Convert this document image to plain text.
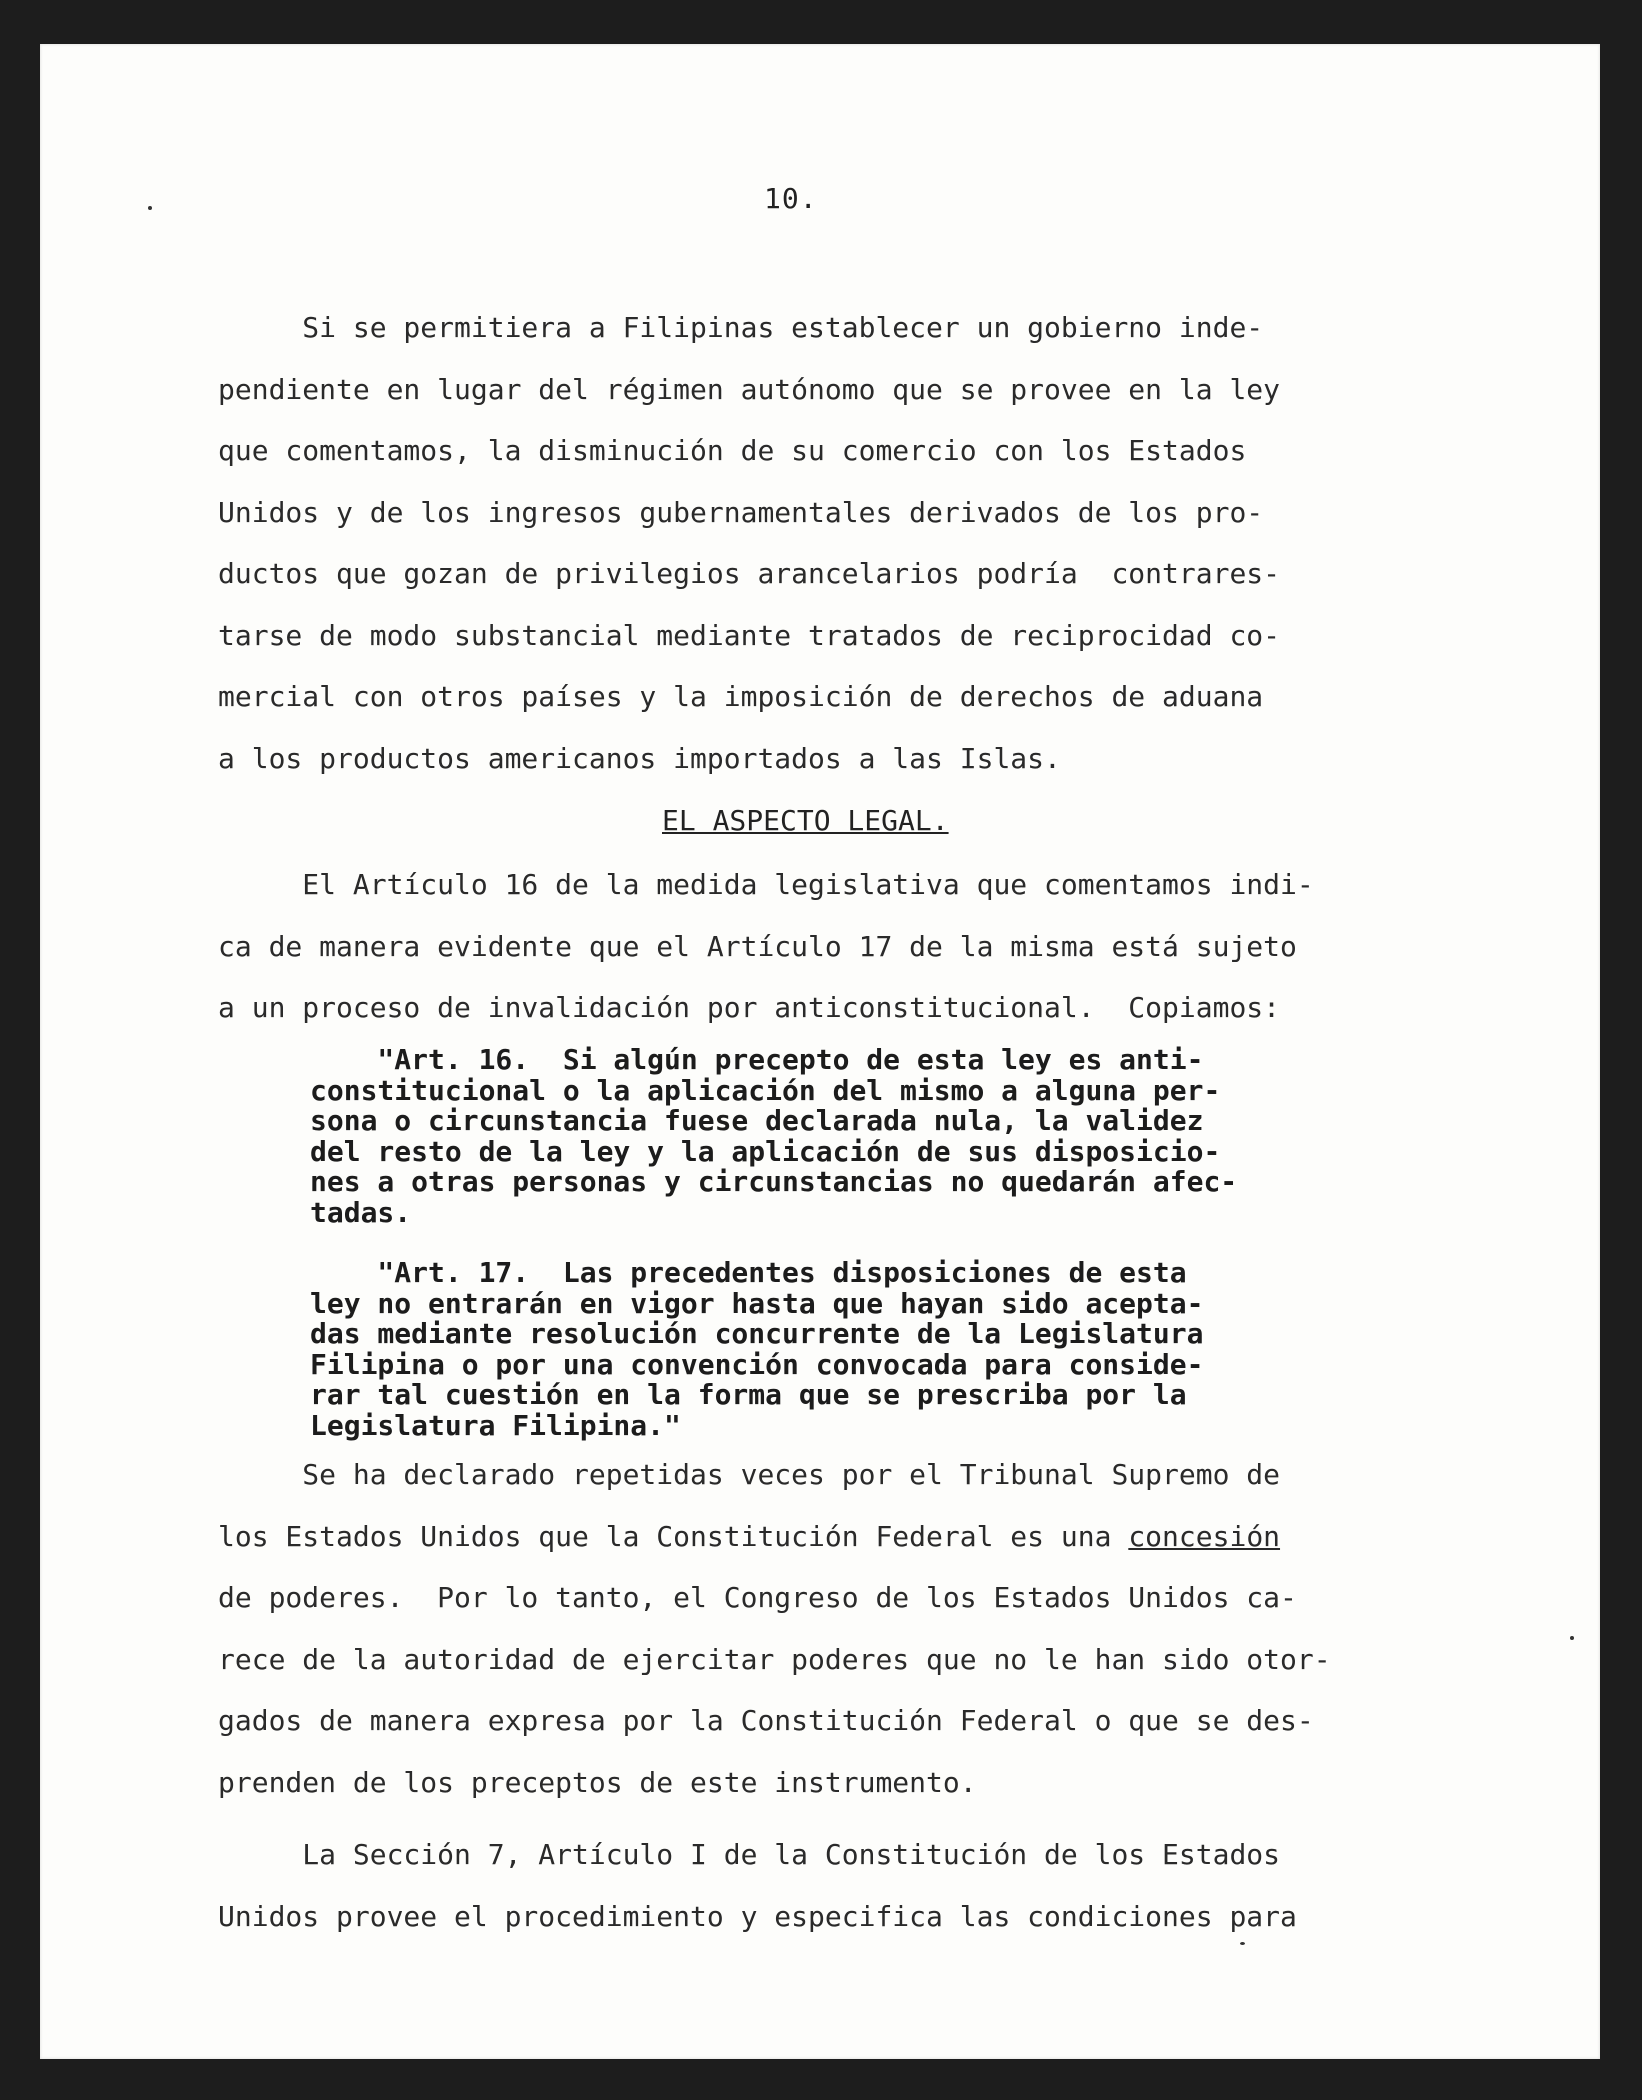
10.
Si se permitiera a Filipinas establecer un gobierno inde-
pendiente en lugar del régimen autónomo que se provee en la ley
que comentamos, la disminución de su comercio con los Estados
Unidos y de los ingresos gubernamentales derivados de los pro-
ductos que gozan de privilegios arancelarios podría  contrares-
tarse de modo substancial mediante tratados de reciprocidad co-
mercial con otros países y la imposición de derechos de aduana
a los productos americanos importados a las Islas.
EL ASPECTO LEGAL.
El Artículo 16 de la medida legislativa que comentamos indi-
ca de manera evidente que el Artículo 17 de la misma está sujeto
a un proceso de invalidación por anticonstitucional.  Copiamos:
"Art. 16.  Si algún precepto de esta ley es anti-
constitucional o la aplicación del mismo a alguna per-
sona o circunstancia fuese declarada nula, la validez
del resto de la ley y la aplicación de sus disposicio-
nes a otras personas y circunstancias no quedarán afec-
tadas.
"Art. 17.  Las precedentes disposiciones de esta
ley no entrarán en vigor hasta que hayan sido acepta-
das mediante resolución concurrente de la Legislatura
Filipina o por una convención convocada para conside-
rar tal cuestión en la forma que se prescriba por la
Legislatura Filipina."
Se ha declarado repetidas veces por el Tribunal Supremo de
los Estados Unidos que la Constitución Federal es una concesión
de poderes.  Por lo tanto, el Congreso de los Estados Unidos ca-
rece de la autoridad de ejercitar poderes que no le han sido otor-
gados de manera expresa por la Constitución Federal o que se des-
prenden de los preceptos de este instrumento.
La Sección 7, Artículo I de la Constitución de los Estados
Unidos provee el procedimiento y especifica las condiciones para
